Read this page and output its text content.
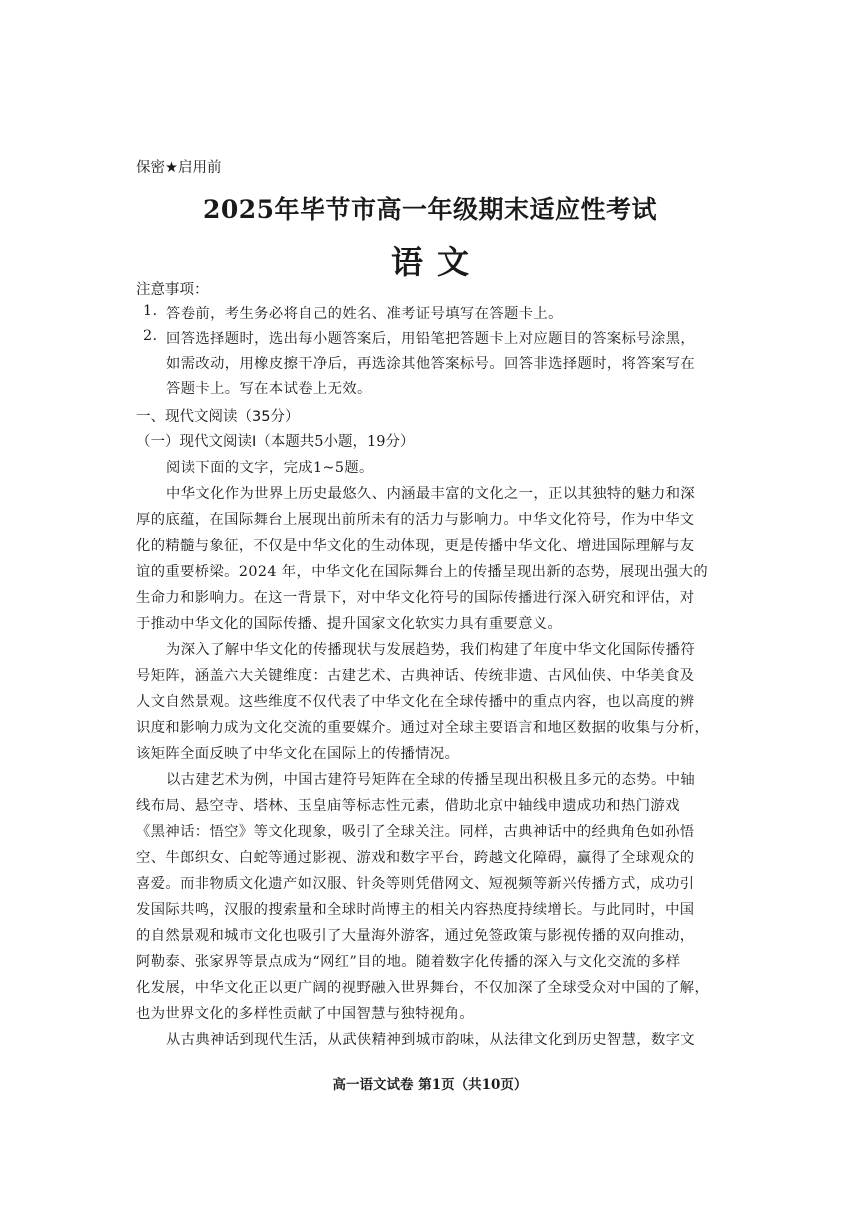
保密★启用前
2025年毕节市高一年级期末适应性考试
语文
注意事项：
1. 答卷前，考生务必将自己的姓名、准考证号填写在答题卡上。
2. 回答选择题时，选出每小题答案后，用铅笔把答题卡上对应题目的答案标号涂黑，
如需改动，用橡皮擦干净后，再选涂其他答案标号。回答非选择题时，将答案写在
答题卡上。写在本试卷上无效。
一、现代文阅读（35分）
（一）现代文阅读Ⅰ（本题共5小题，19分）
阅读下面的文字，完成1~5题。
中华文化作为世界上历史最悠久、内涵最丰富的文化之一，正以其独特的魅力和深
厚的底蕴，在国际舞台上展现出前所未有的活力与影响力。中华文化符号，作为中华文
化的精髓与象征，不仅是中华文化的生动体现，更是传播中华文化、增进国际理解与友
谊的重要桥梁。2024 年，中华文化在国际舞台上的传播呈现出新的态势，展现出强大的
生命力和影响力。在这一背景下，对中华文化符号的国际传播进行深入研究和评估，对
于推动中华文化的国际传播、提升国家文化软实力具有重要意义。
为深入了解中华文化的传播现状与发展趋势，我们构建了年度中华文化国际传播符
号矩阵，涵盖六大关键维度：古建艺术、古典神话、传统非遗、古风仙侠、中华美食及
人文自然景观。这些维度不仅代表了中华文化在全球传播中的重点内容，也以高度的辨
识度和影响力成为文化交流的重要媒介。通过对全球主要语言和地区数据的收集与分析，
该矩阵全面反映了中华文化在国际上的传播情况。
以古建艺术为例，中国古建符号矩阵在全球的传播呈现出积极且多元的态势。中轴
线布局、悬空寺、塔林、玉皇庙等标志性元素，借助北京中轴线申遗成功和热门游戏
《黑神话：悟空》等文化现象，吸引了全球关注。同样，古典神话中的经典角色如孙悟
空、牛郎织女、白蛇等通过影视、游戏和数字平台，跨越文化障碍，赢得了全球观众的
喜爱。而非物质文化遗产如汉服、针灸等则凭借网文、短视频等新兴传播方式，成功引
发国际共鸣，汉服的搜索量和全球时尚博主的相关内容热度持续增长。与此同时，中国
的自然景观和城市文化也吸引了大量海外游客，通过免签政策与影视传播的双向推动，
阿勒泰、张家界等景点成为“网红”目的地。随着数字化传播的深入与文化交流的多样
化发展，中华文化正以更广阔的视野融入世界舞台，不仅加深了全球受众对中国的了解，
也为世界文化的多样性贡献了中国智慧与独特视角。
从古典神话到现代生活，从武侠精神到城市韵味，从法律文化到历史智慧，数字文
高一语文试卷 第1页（共10页）
